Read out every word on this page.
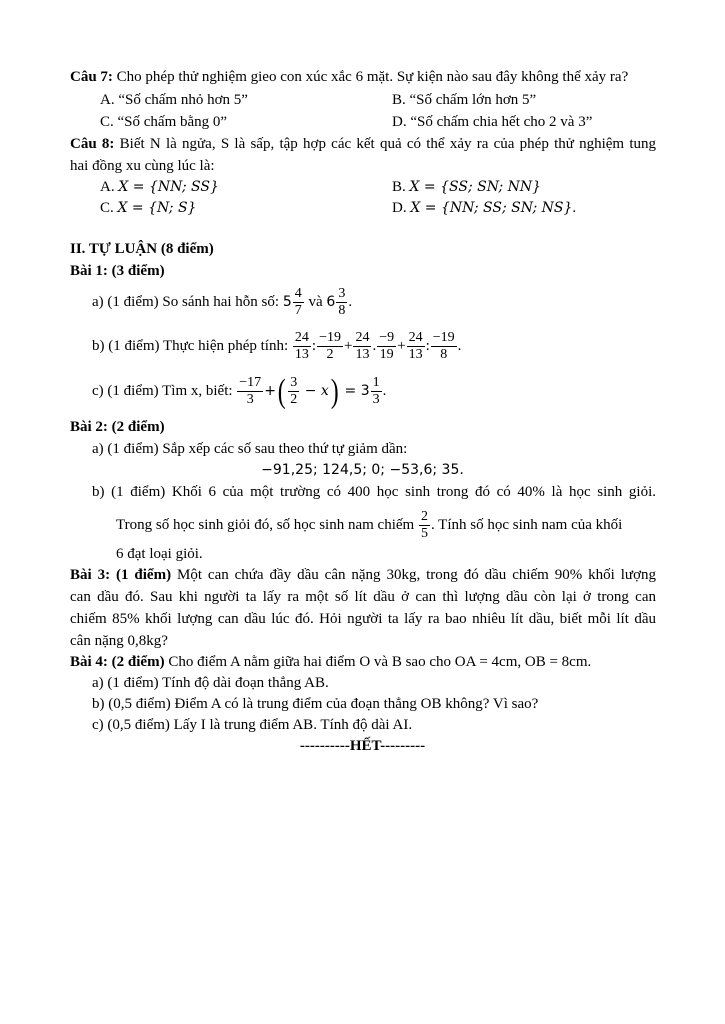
Câu 7: Cho phép thử nghiệm gieo con xúc xắc 6 mặt. Sự kiện nào sau đây không thể xảy ra?
A. “Số chấm nhỏ hơn 5”	B. “Số chấm lớn hơn 5”
C. “Số chấm bằng 0”	D. “Số chấm chia hết cho 2 và 3”
Câu 8: Biết N là ngửa, S là sấp, tập hợp các kết quả có thể xảy ra của phép thử nghiệm tung
hai đồng xu cùng lúc là:
A. X = {NN; SS}	B. X = {SS; SN; NN}
C. X = {N; S}	D. X = {NN; SS; SN; NS}.
II. TỰ LUẬN (8 điểm)
Bài 1: (3 điểm)
a) (1 điểm) So sánh hai hỗn số: $5 \frac{4}{7}$ và $6 \frac{3}{8}$ .
b) (1 điểm) Thực hiện phép tính: $\frac{24}{13}$ : $\frac{-19}{2} + \frac{24}{13}$ . $\frac{-9}{19} + \frac{24}{13}$ : $\frac{-19}{8}$ .
c) (1 điểm) Tìm x, biết: $\frac{-17}{3}$ +( $\frac{3}{2} - x) = 3 \frac{1}{3}$ .
Bài 2: (2 điểm)
a) (1 điểm) Sắp xếp các số sau theo thứ tự giảm dần:
−91,25; 124,5; 0; −53,6; 35.
b) (1 điểm) Khối 6 của một trường có 400 học sinh trong đó có 40% là học sinh giỏi.
Trong số học sinh giỏi đó, số học sinh nam chiếm $\frac{2}{5}$ . Tính số học sinh nam của khối
6 đạt loại giỏi.
Bài 3: (1 điểm) Một can chứa đầy dầu cân nặng 30kg, trong đó dầu chiếm 90% khối lượng
can dầu đó. Sau khi người ta lấy ra một số lít dầu ở can thì lượng dầu còn lại ở trong can
chiếm 85% khối lượng can dầu lúc đó. Hỏi người ta lấy ra bao nhiêu lít dầu, biết mỗi lít dầu
cân nặng 0,8kg?
Bài 4: (2 điểm) Cho điểm A nằm giữa hai điểm O và B sao cho OA = 4cm, OB = 8cm.
a) (1 điểm) Tính độ dài đoạn thẳng AB.
b) (0,5 điểm) Điểm A có là trung điểm của đoạn thẳng OB không? Vì sao?
c) (0,5 điểm) Lấy I là trung điểm AB. Tính độ dài AI.
----------HẾT---------
